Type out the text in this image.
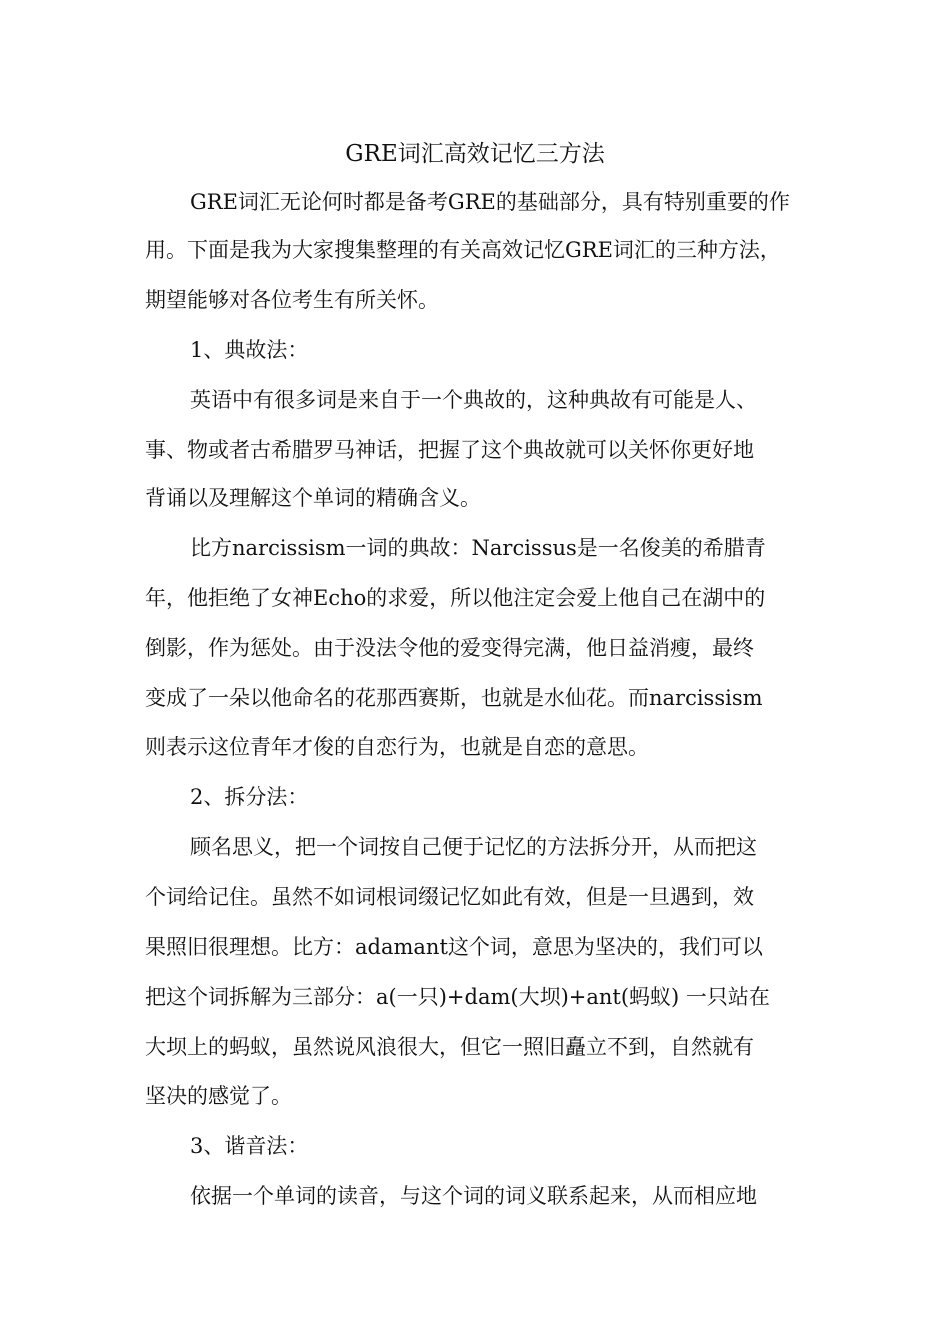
GRE词汇高效记忆三方法

GRE词汇无论何时都是备考GRE的基础部分，具有特别重要的作

用。下面是我为大家搜集整理的有关高效记忆GRE词汇的三种方法，

期望能够对各位考生有所关怀。

1、典故法：

英语中有很多词是来自于一个典故的，这种典故有可能是人、

事、物或者古希腊罗马神话，把握了这个典故就可以关怀你更好地

背诵以及理解这个单词的精确含义。

比方narcissism一词的典故：Narcissus是一名俊美的希腊青

年，他拒绝了女神Echo的求爱，所以他注定会爱上他自己在湖中的

倒影，作为惩处。由于没法令他的爱变得完满，他日益消瘦，最终

变成了一朵以他命名的花那西赛斯，也就是水仙花。而narcissism

则表示这位青年才俊的自恋行为，也就是自恋的意思。

2、拆分法：

顾名思义，把一个词按自己便于记忆的方法拆分开，从而把这

个词给记住。虽然不如词根词缀记忆如此有效，但是一旦遇到，效

果照旧很理想。比方：adamant这个词，意思为坚决的，我们可以

把这个词拆解为三部分：a(一只)+dam(大坝)+ant(蚂蚁) 一只站在

大坝上的蚂蚁，虽然说风浪很大，但它一照旧矗立不到，自然就有

坚决的感觉了。

3、谐音法：

依据一个单词的读音，与这个词的词义联系起来，从而相应地
